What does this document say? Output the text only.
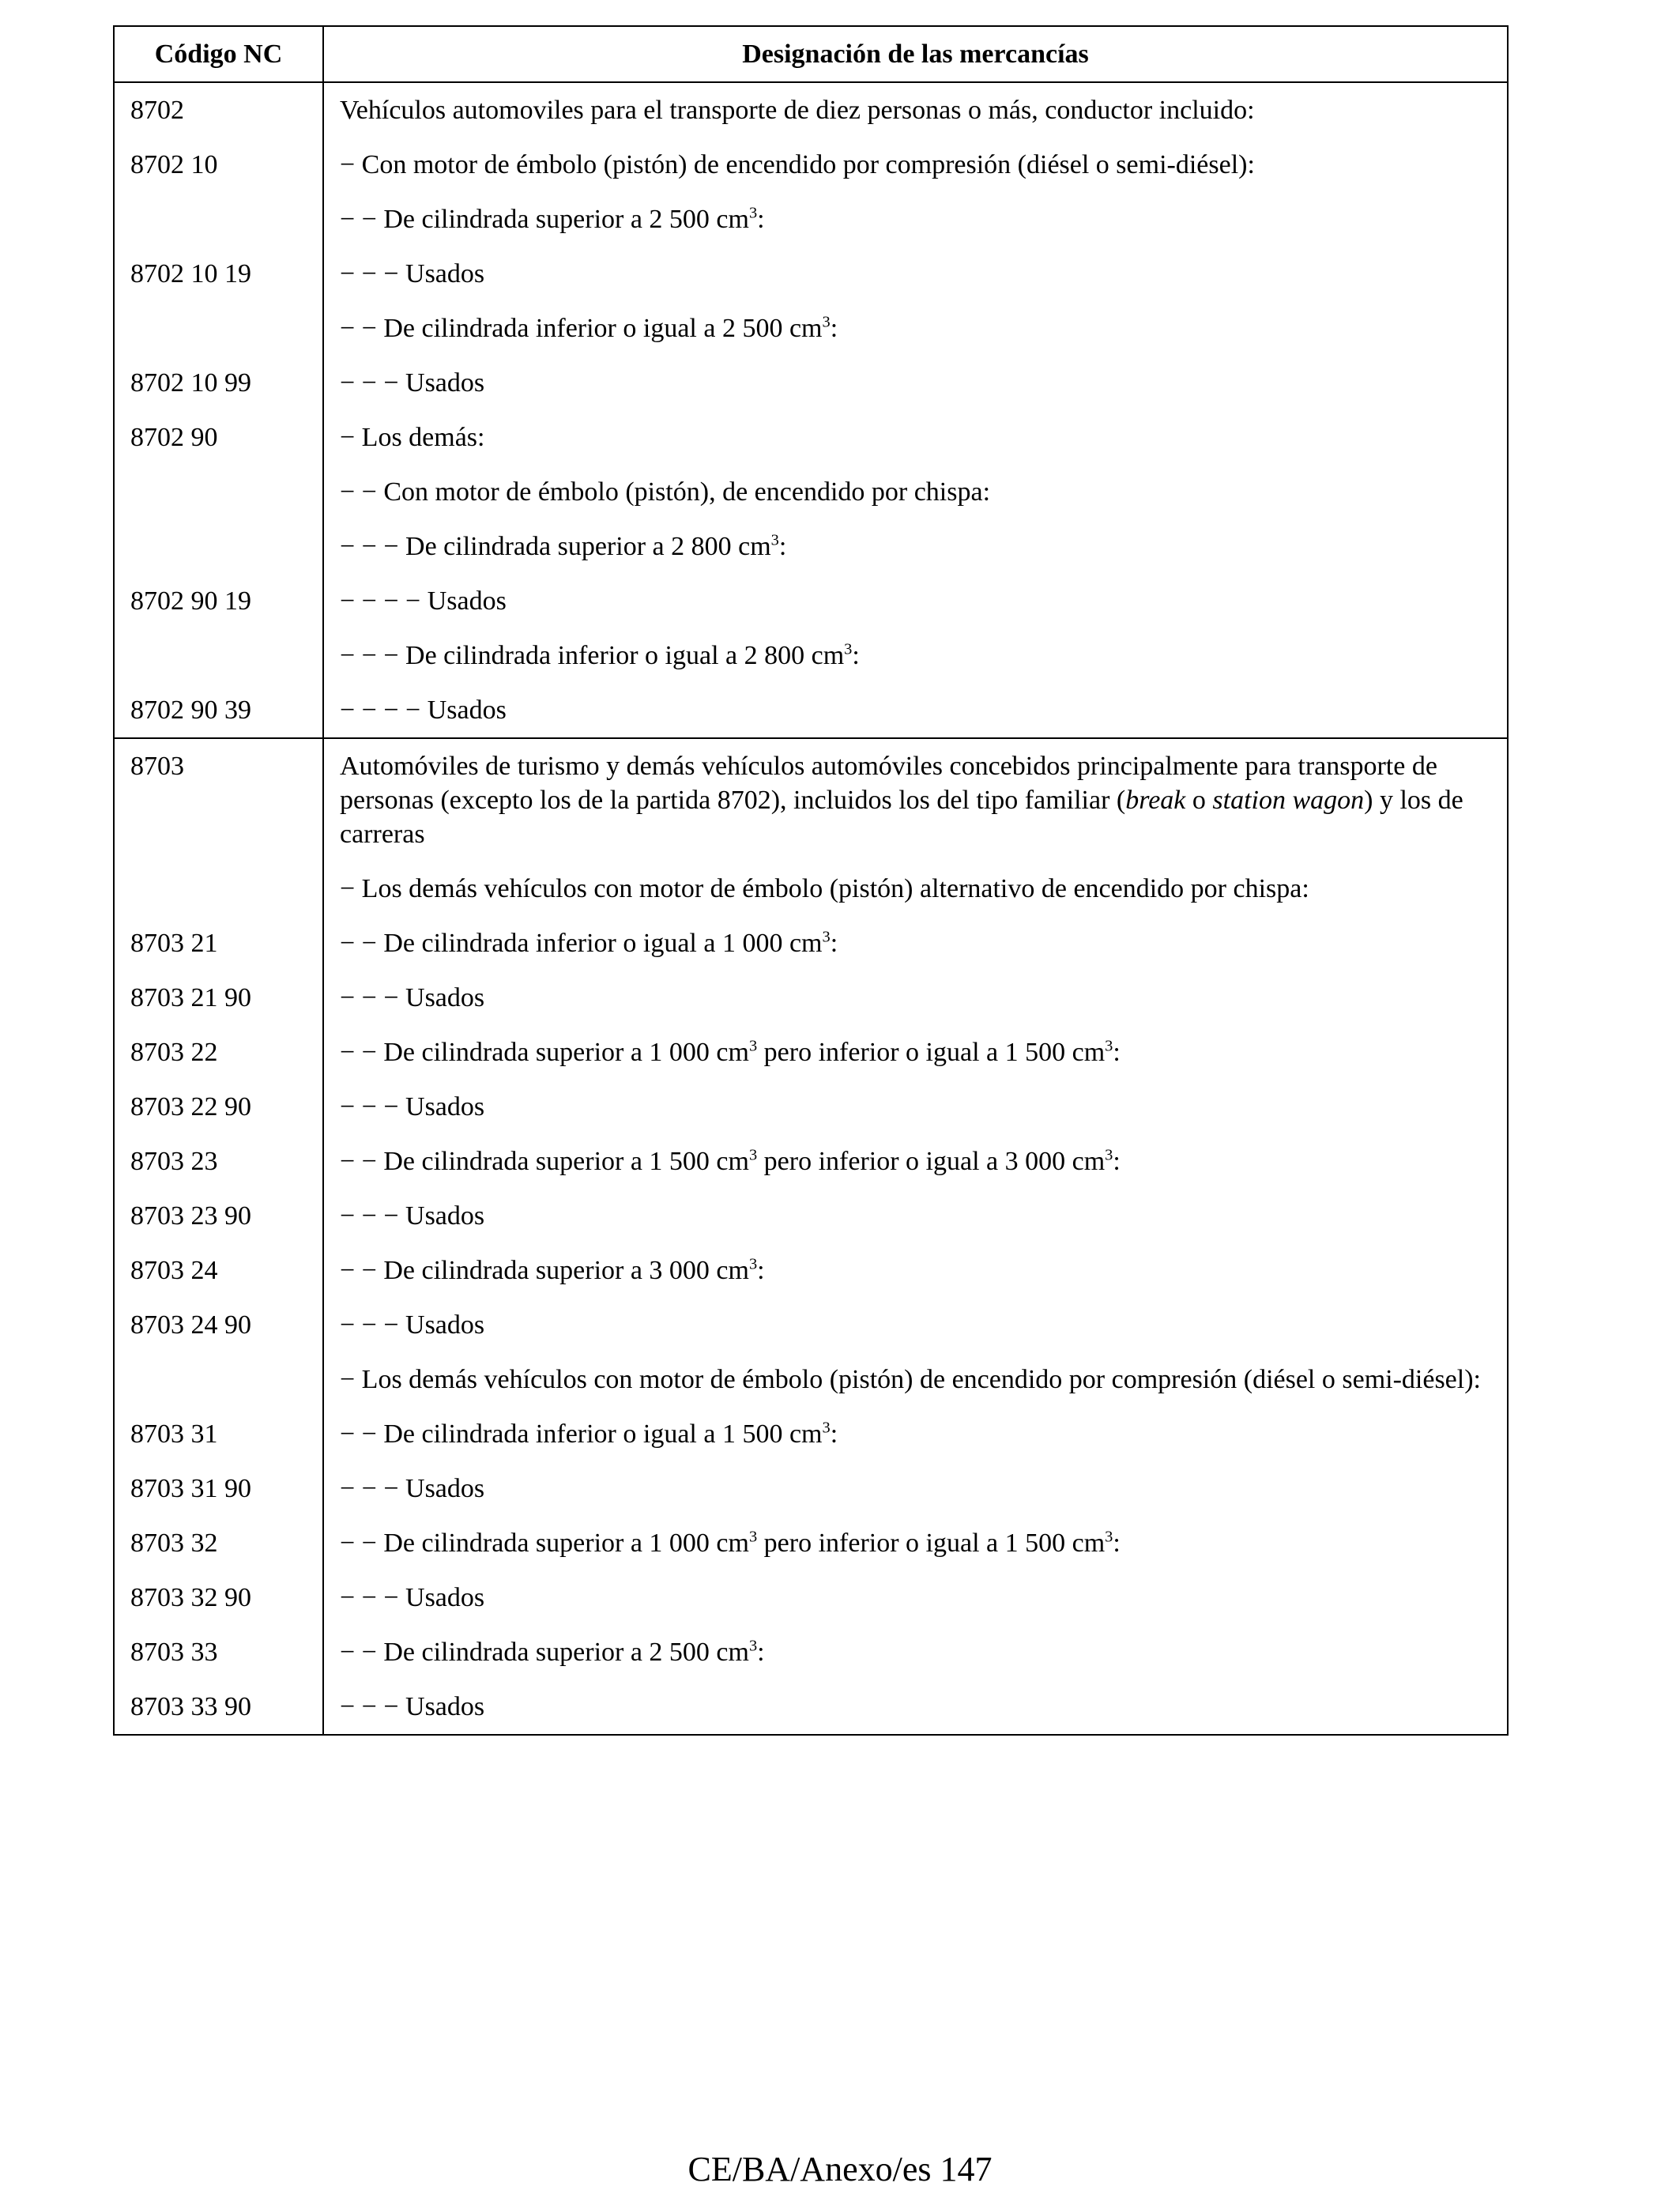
Código NC	Designación de las mercancías
8702	Vehículos automoviles para el transporte de diez personas o más, conductor incluido:
8702 10	− Con motor de émbolo (pistón) de encendido por compresión (diésel o semi-diésel):
	− − De cilindrada superior a 2 500 $cm^3$:
8702 10 19	− − − Usados
	− − De cilindrada inferior o igual a 2 500 $cm^3$:
8702 10 99	− − − Usados
8702 90	− Los demás:
	− − Con motor de émbolo (pistón), de encendido por chispa:
	− − − De cilindrada superior a 2 800 $cm^3$:
8702 90 19	− − − − Usados
	− − − De cilindrada inferior o igual a 2 800 $cm^3$:
8702 90 39	− − − − Usados
8703	Automóviles de turismo y demás vehículos automóviles concebidos principalmente para transporte de personas (excepto los de la partida 8702), incluidos los del tipo familiar (break o station wagon) y los de carreras
	− Los demás vehículos con motor de émbolo (pistón) alternativo de encendido por chispa:
8703 21	− − De cilindrada inferior o igual a 1 000 $cm^3$:
8703 21 90	− − − Usados
8703 22	− − De cilindrada superior a 1 000 $cm^3$ pero inferior o igual a 1 500 $cm^3$:
8703 22 90	− − − Usados
8703 23	− − De cilindrada superior a 1 500 $cm^3$ pero inferior o igual a 3 000 $cm^3$:
8703 23 90	− − − Usados
8703 24	− − De cilindrada superior a 3 000 $cm^3$:
8703 24 90	− − − Usados
	− Los demás vehículos con motor de émbolo (pistón) de encendido por compresión (diésel o semi-diésel):
8703 31	− − De cilindrada inferior o igual a 1 500 $cm^3$:
8703 31 90	− − − Usados
8703 32	− − De cilindrada superior a 1 000 $cm^3$ pero inferior o igual a 1 500 $cm^3$:
8703 32 90	− − − Usados
8703 33	− − De cilindrada superior a 2 500 $cm^3$:
8703 33 90	− − − Usados
CE/BA/Anexo/es 147
